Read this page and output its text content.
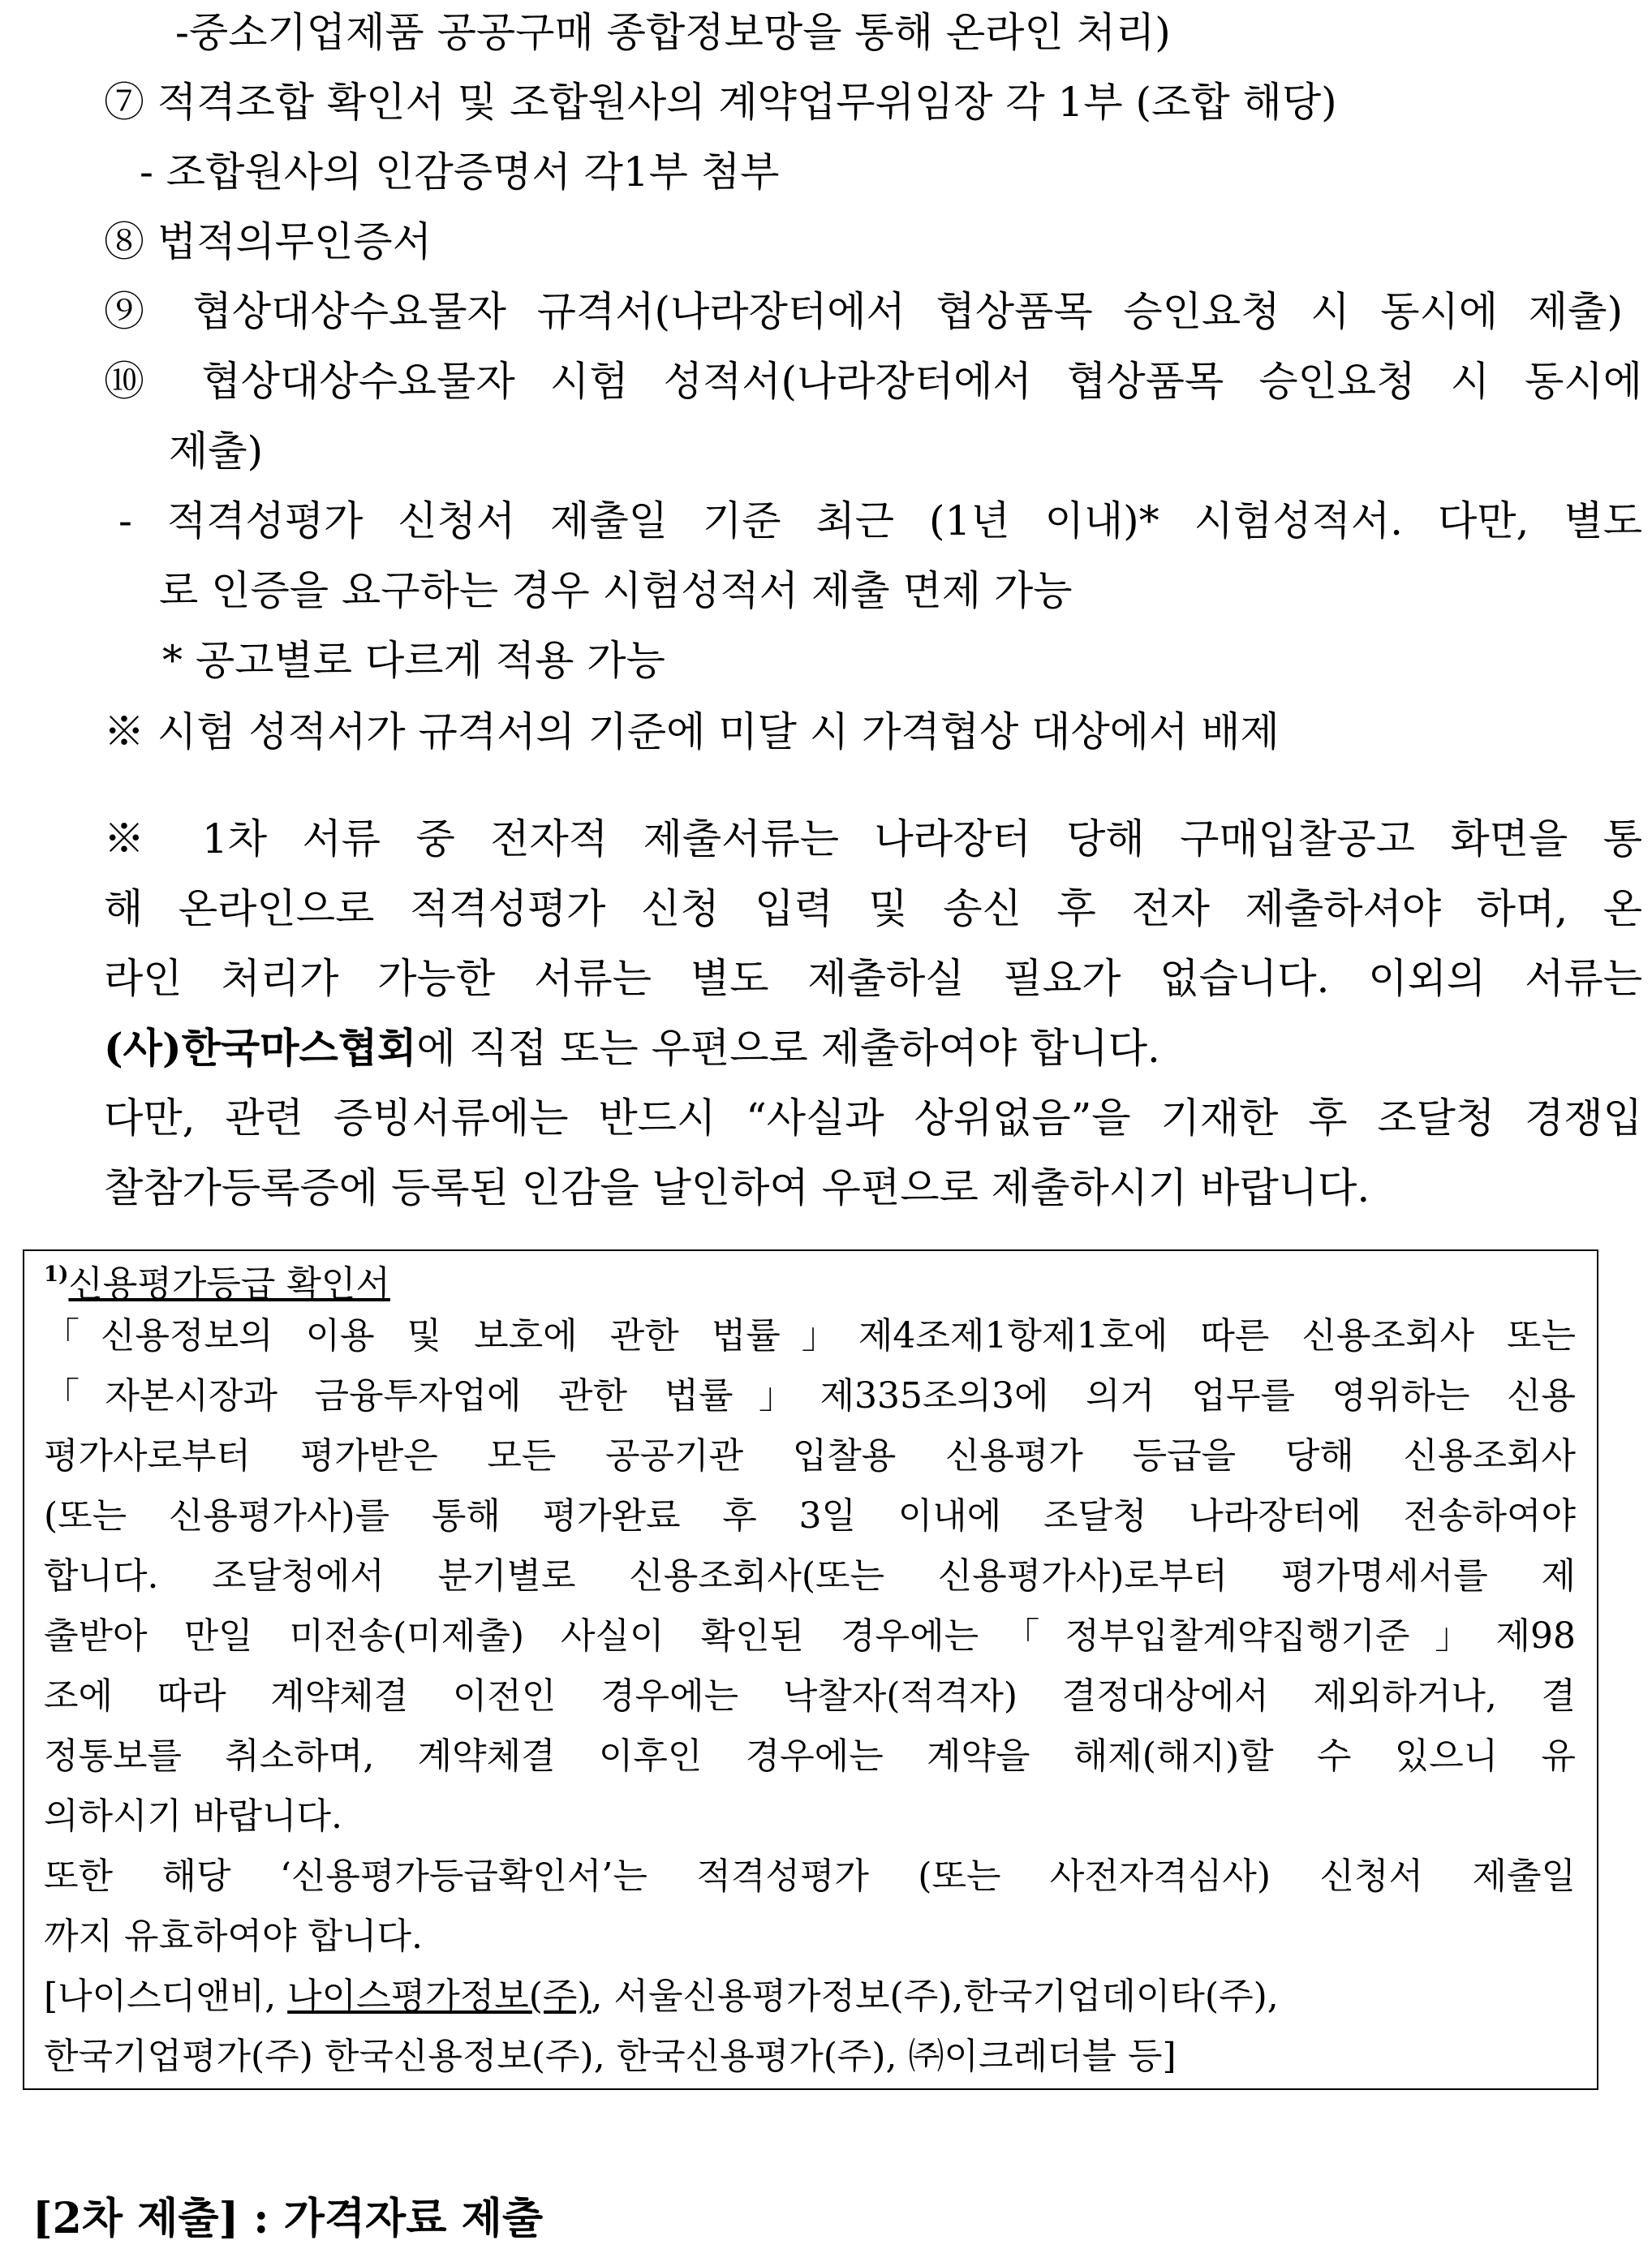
-중소기업제품 공공구매 종합정보망을 통해 온라인 처리)
⑦ 적격조합 확인서 및 조합원사의 계약업무위임장 각 1부 (조합 해당)
- 조합원사의 인감증명서 각1부 첨부
⑧ 법적의무인증서
⑨ 협상대상수요물자 규격서(나라장터에서 협상품목 승인요청 시 동시에 제출)
⑩ 협상대상수요물자 시험 성적서(나라장터에서 협상품목 승인요청 시 동시에
제출)
- 적격성평가 신청서 제출일 기준 최근 (1년 이내)* 시험성적서. 다만, 별도
로 인증을 요구하는 경우 시험성적서 제출 면제 가능
* 공고별로 다르게 적용 가능
※ 시험 성적서가 규격서의 기준에 미달 시 가격협상 대상에서 배제
※ 1차 서류 중 전자적 제출서류는 나라장터 당해 구매입찰공고 화면을 통
해 온라인으로 적격성평가 신청 입력 및 송신 후 전자 제출하셔야 하며, 온
라인 처리가 가능한 서류는 별도 제출하실 필요가 없습니다. 이외의 서류는
(사)한국마스협회에 직접 또는 우편으로 제출하여야 합니다.
다만, 관련 증빙서류에는 반드시 “사실과 상위없음”을 기재한 후 조달청 경쟁입
찰참가등록증에 등록된 인감을 날인하여 우편으로 제출하시기 바랍니다.
$^{1)}$신용평가등급 확인서
「신용정보의 이용 및 보호에 관한 법률」제4조제1항제1호에 따른 신용조회사 또는
「자본시장과 금융투자업에 관한 법률」제335조의3에 의거 업무를 영위하는 신용
평가사로부터 평가받은 모든 공공기관 입찰용 신용평가 등급을 당해 신용조회사
(또는 신용평가사)를 통해 평가완료 후 3일 이내에 조달청 나라장터에 전송하여야
합니다. 조달청에서 분기별로 신용조회사(또는 신용평가사)로부터 평가명세서를 제
출받아 만일 미전송(미제출) 사실이 확인된 경우에는「정부입찰계약집행기준」제98
조에 따라 계약체결 이전인 경우에는 낙찰자(적격자) 결정대상에서 제외하거나, 결
정통보를 취소하며, 계약체결 이후인 경우에는 계약을 해제(해지)할 수 있으니 유
의하시기 바랍니다.
또한 해당 ‘신용평가등급확인서’는 적격성평가 (또는 사전자격심사) 신청서 제출일
까지 유효하여야 합니다.
[나이스디앤비, 나이스평가정보(주), 서울신용평가정보(주),한국기업데이타(주),
한국기업평가(주) 한국신용정보(주), 한국신용평가(주), ㈜이크레더블 등]
[2차 제출] : 가격자료 제출
